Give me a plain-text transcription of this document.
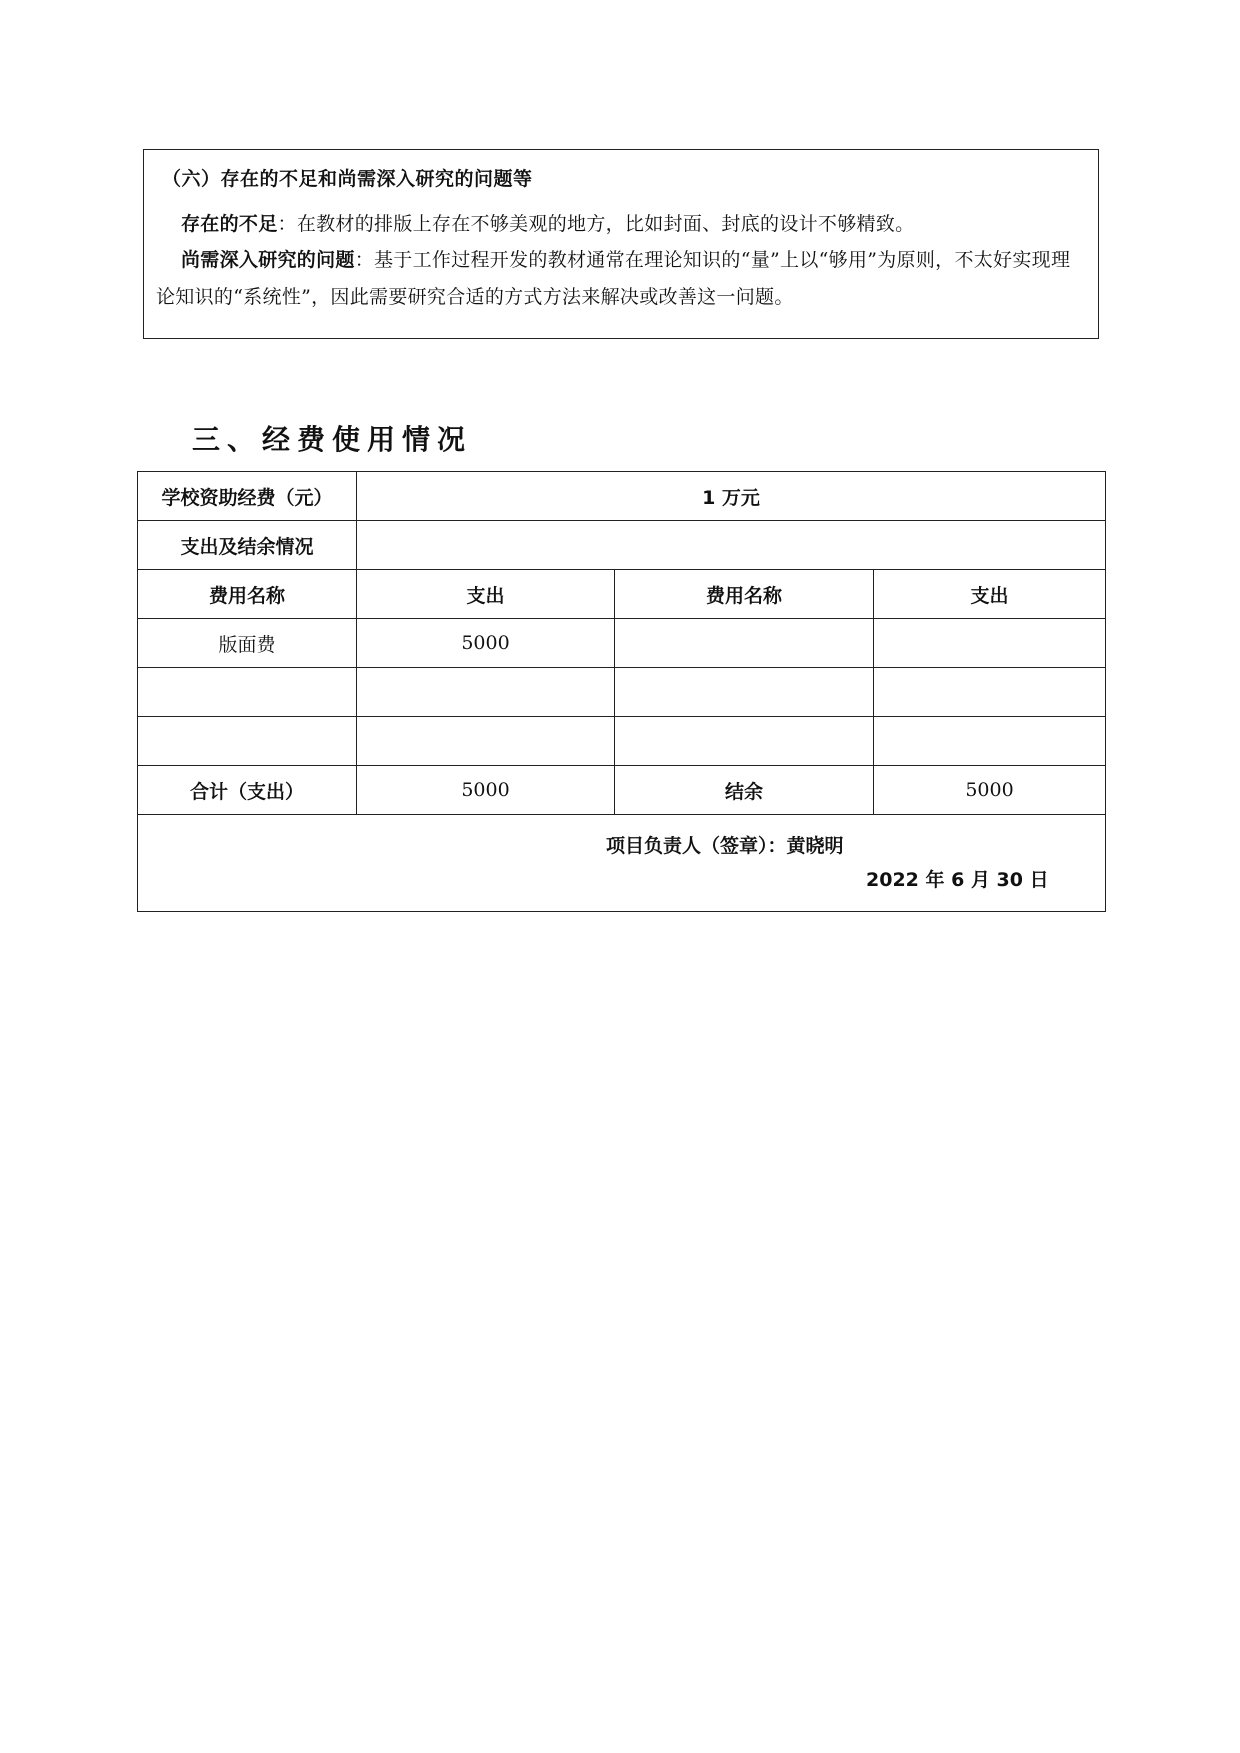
（六）存在的不足和尚需深入研究的问题等
存在的不足：在教材的排版上存在不够美观的地方，比如封面、封底的设计不够精致。
尚需深入研究的问题：基于工作过程开发的教材通常在理论知识的“量”上以“够用”为原则，不太好实现理论知识的“系统性”，因此需要研究合适的方式方法来解决或改善这一问题。
三、经费使用情况
学校资助经费（元）	1 万元		
支出及结余情况			
费用名称	支出	费用名称	支出
版面费	5000		

合计（支出）	5000	结余	5000

项目负责人（签章）：黄晓明
2022 年 6 月 30 日			
